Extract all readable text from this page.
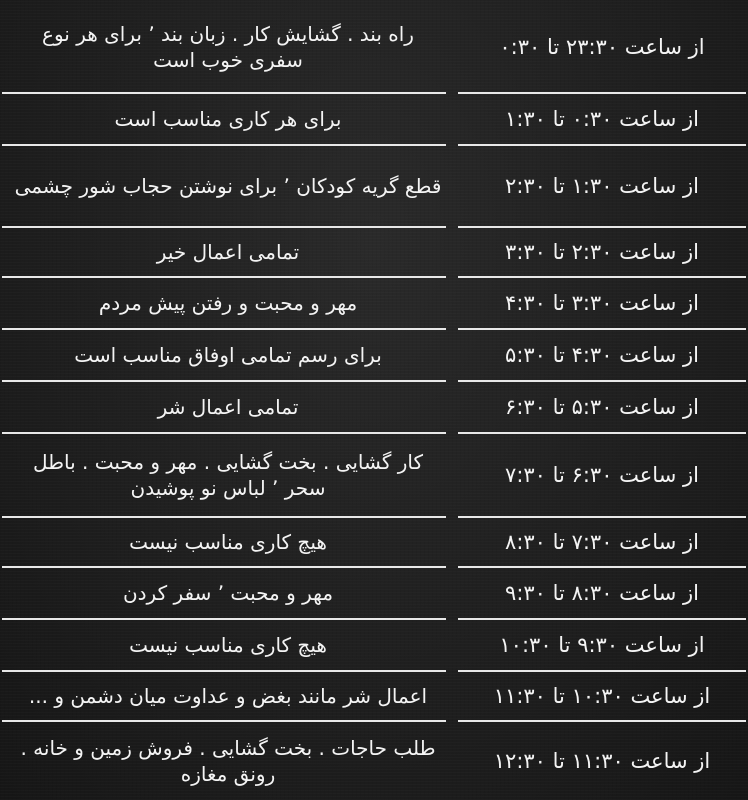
از ساعت ۲۳:۳۰ تا ۰:۳۰
راه بند . گشایش کار . زبان بند ٬ برای هر نوع سفری خوب است
از ساعت ۰:۳۰ تا ۱:۳۰
برای هر کاری مناسب است
از ساعت ۱:۳۰ تا ۲:۳۰
قطع گریه کودکان ٬ برای نوشتن حجاب شور چشمی
از ساعت ۲:۳۰ تا ۳:۳۰
تمامی اعمال خیر
از ساعت ۳:۳۰ تا ۴:۳۰
مهر و محبت و رفتن پیش مردم
از ساعت ۴:۳۰ تا ۵:۳۰
برای رسم تمامی اوفاق مناسب است
از ساعت ۵:۳۰ تا ۶:۳۰
تمامی اعمال شر
از ساعت ۶:۳۰ تا ۷:۳۰
کار گشایی . بخت گشایی . مهر و محبت . باطل سحر ٬ لباس نو پوشیدن
از ساعت ۷:۳۰ تا ۸:۳۰
هیچ کاری مناسب نیست
از ساعت ۸:۳۰ تا ۹:۳۰
مهر و محبت ٬ سفر کردن
از ساعت ۹:۳۰ تا ۱۰:۳۰
هیچ کاری مناسب نیست
از ساعت ۱۰:۳۰ تا ۱۱:۳۰
اعمال شر مانند بغض و عداوت میان دشمن و ...
از ساعت ۱۱:۳۰ تا ۱۲:۳۰
طلب حاجات . بخت گشایی . فروش زمین و خانه . رونق مغازه
